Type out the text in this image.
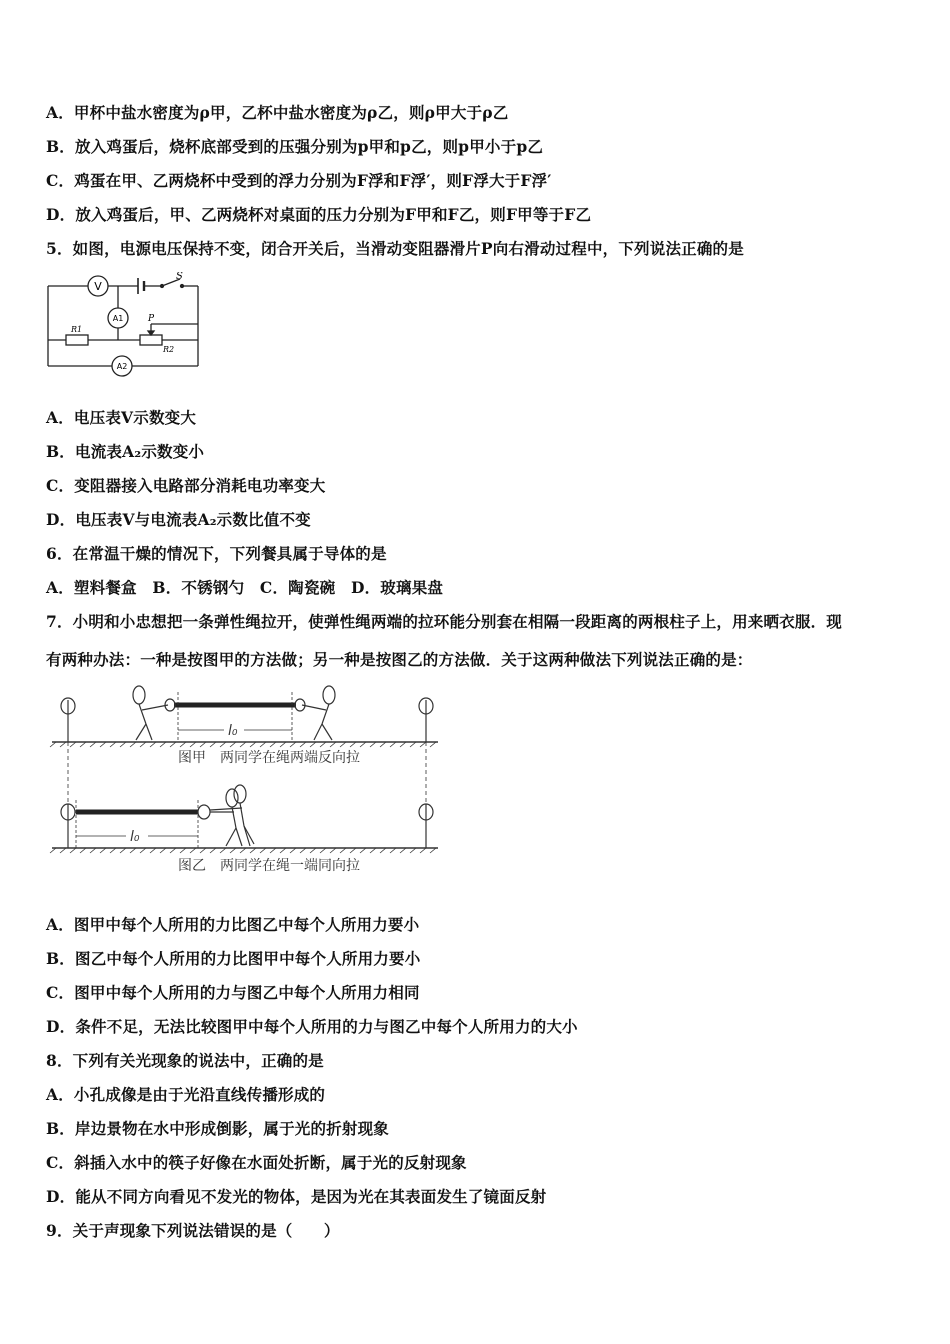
A．甲杯中盐水密度为ρ甲，乙杯中盐水密度为ρ乙，则ρ甲大于ρ乙
B．放入鸡蛋后，烧杯底部受到的压强分别为p甲和p乙，则p甲小于p乙
C．鸡蛋在甲、乙两烧杯中受到的浮力分别为F浮和F浮′，则F浮大于F浮′
D．放入鸡蛋后，甲、乙两烧杯对桌面的压力分别为F甲和F乙，则F甲等于F乙
5．如图，电源电压保持不变，闭合开关后，当滑动变阻器滑片P向右滑动过程中，下列说法正确的是
V
S
A1
A2
P
R1
R2
A．电压表V示数变大
B．电流表A₂示数变小
C．变阻器接入电路部分消耗电功率变大
D．电压表V与电流表A₂示数比值不变
6．在常温干燥的情况下，下列餐具属于导体的是
A．塑料餐盒　B．不锈钢勺　C．陶瓷碗　D．玻璃果盘
7．小明和小忠想把一条弹性绳拉开，使弹性绳两端的拉环能分别套在相隔一段距离的两根柱子上，用来晒衣服．现
有两种办法：一种是按图甲的方法做；另一种是按图乙的方法做．关于这两种做法下列说法正确的是：
l₀
l₀
图甲　两同学在绳两端反向拉
图乙　两同学在绳一端同向拉
A．图甲中每个人所用的力比图乙中每个人所用力要小
B．图乙中每个人所用的力比图甲中每个人所用力要小
C．图甲中每个人所用的力与图乙中每个人所用力相同
D．条件不足，无法比较图甲中每个人所用的力与图乙中每个人所用力的大小
8．下列有关光现象的说法中，正确的是
A．小孔成像是由于光沿直线传播形成的
B．岸边景物在水中形成倒影，属于光的折射现象
C．斜插入水中的筷子好像在水面处折断，属于光的反射现象
D．能从不同方向看见不发光的物体，是因为光在其表面发生了镜面反射
9．关于声现象下列说法错误的是（　　）
